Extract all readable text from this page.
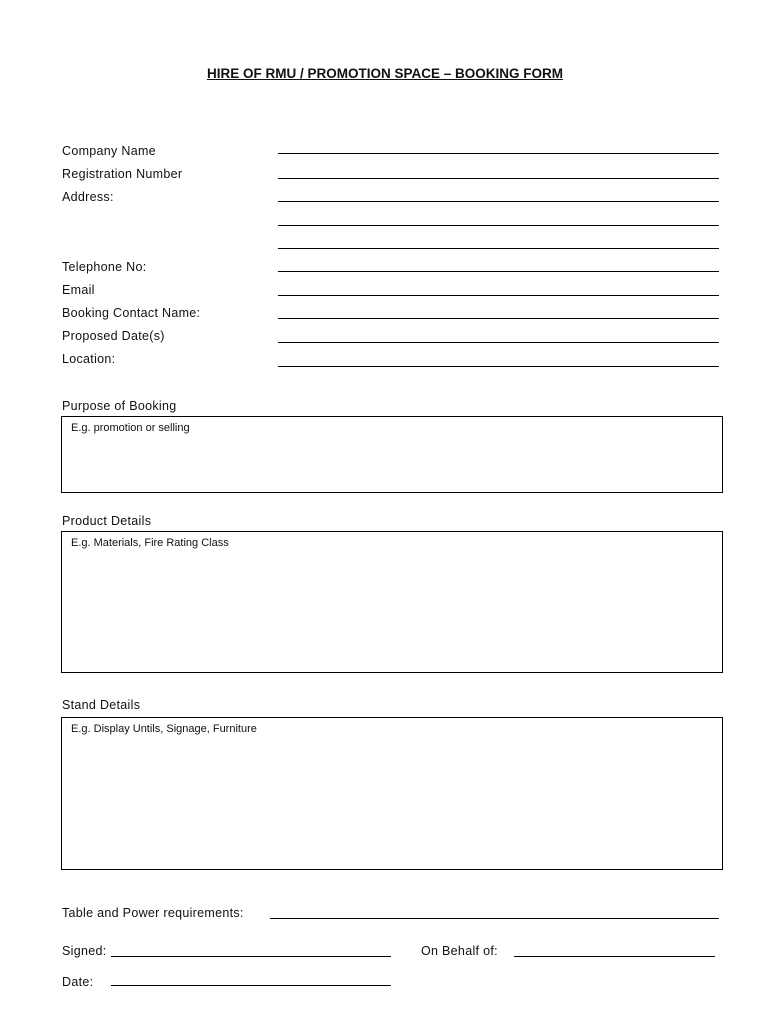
HIRE OF RMU / PROMOTION SPACE – BOOKING FORM
Company Name
Registration Number
Address:
Telephone No:
Email
Booking Contact Name:
Proposed Date(s)
Location:
Purpose of Booking
E.g. promotion or selling
Product Details
E.g. Materials, Fire Rating Class
Stand Details
E.g. Display Untils, Signage, Furniture
Table and Power requirements:
Signed:	On Behalf of:
Date:
